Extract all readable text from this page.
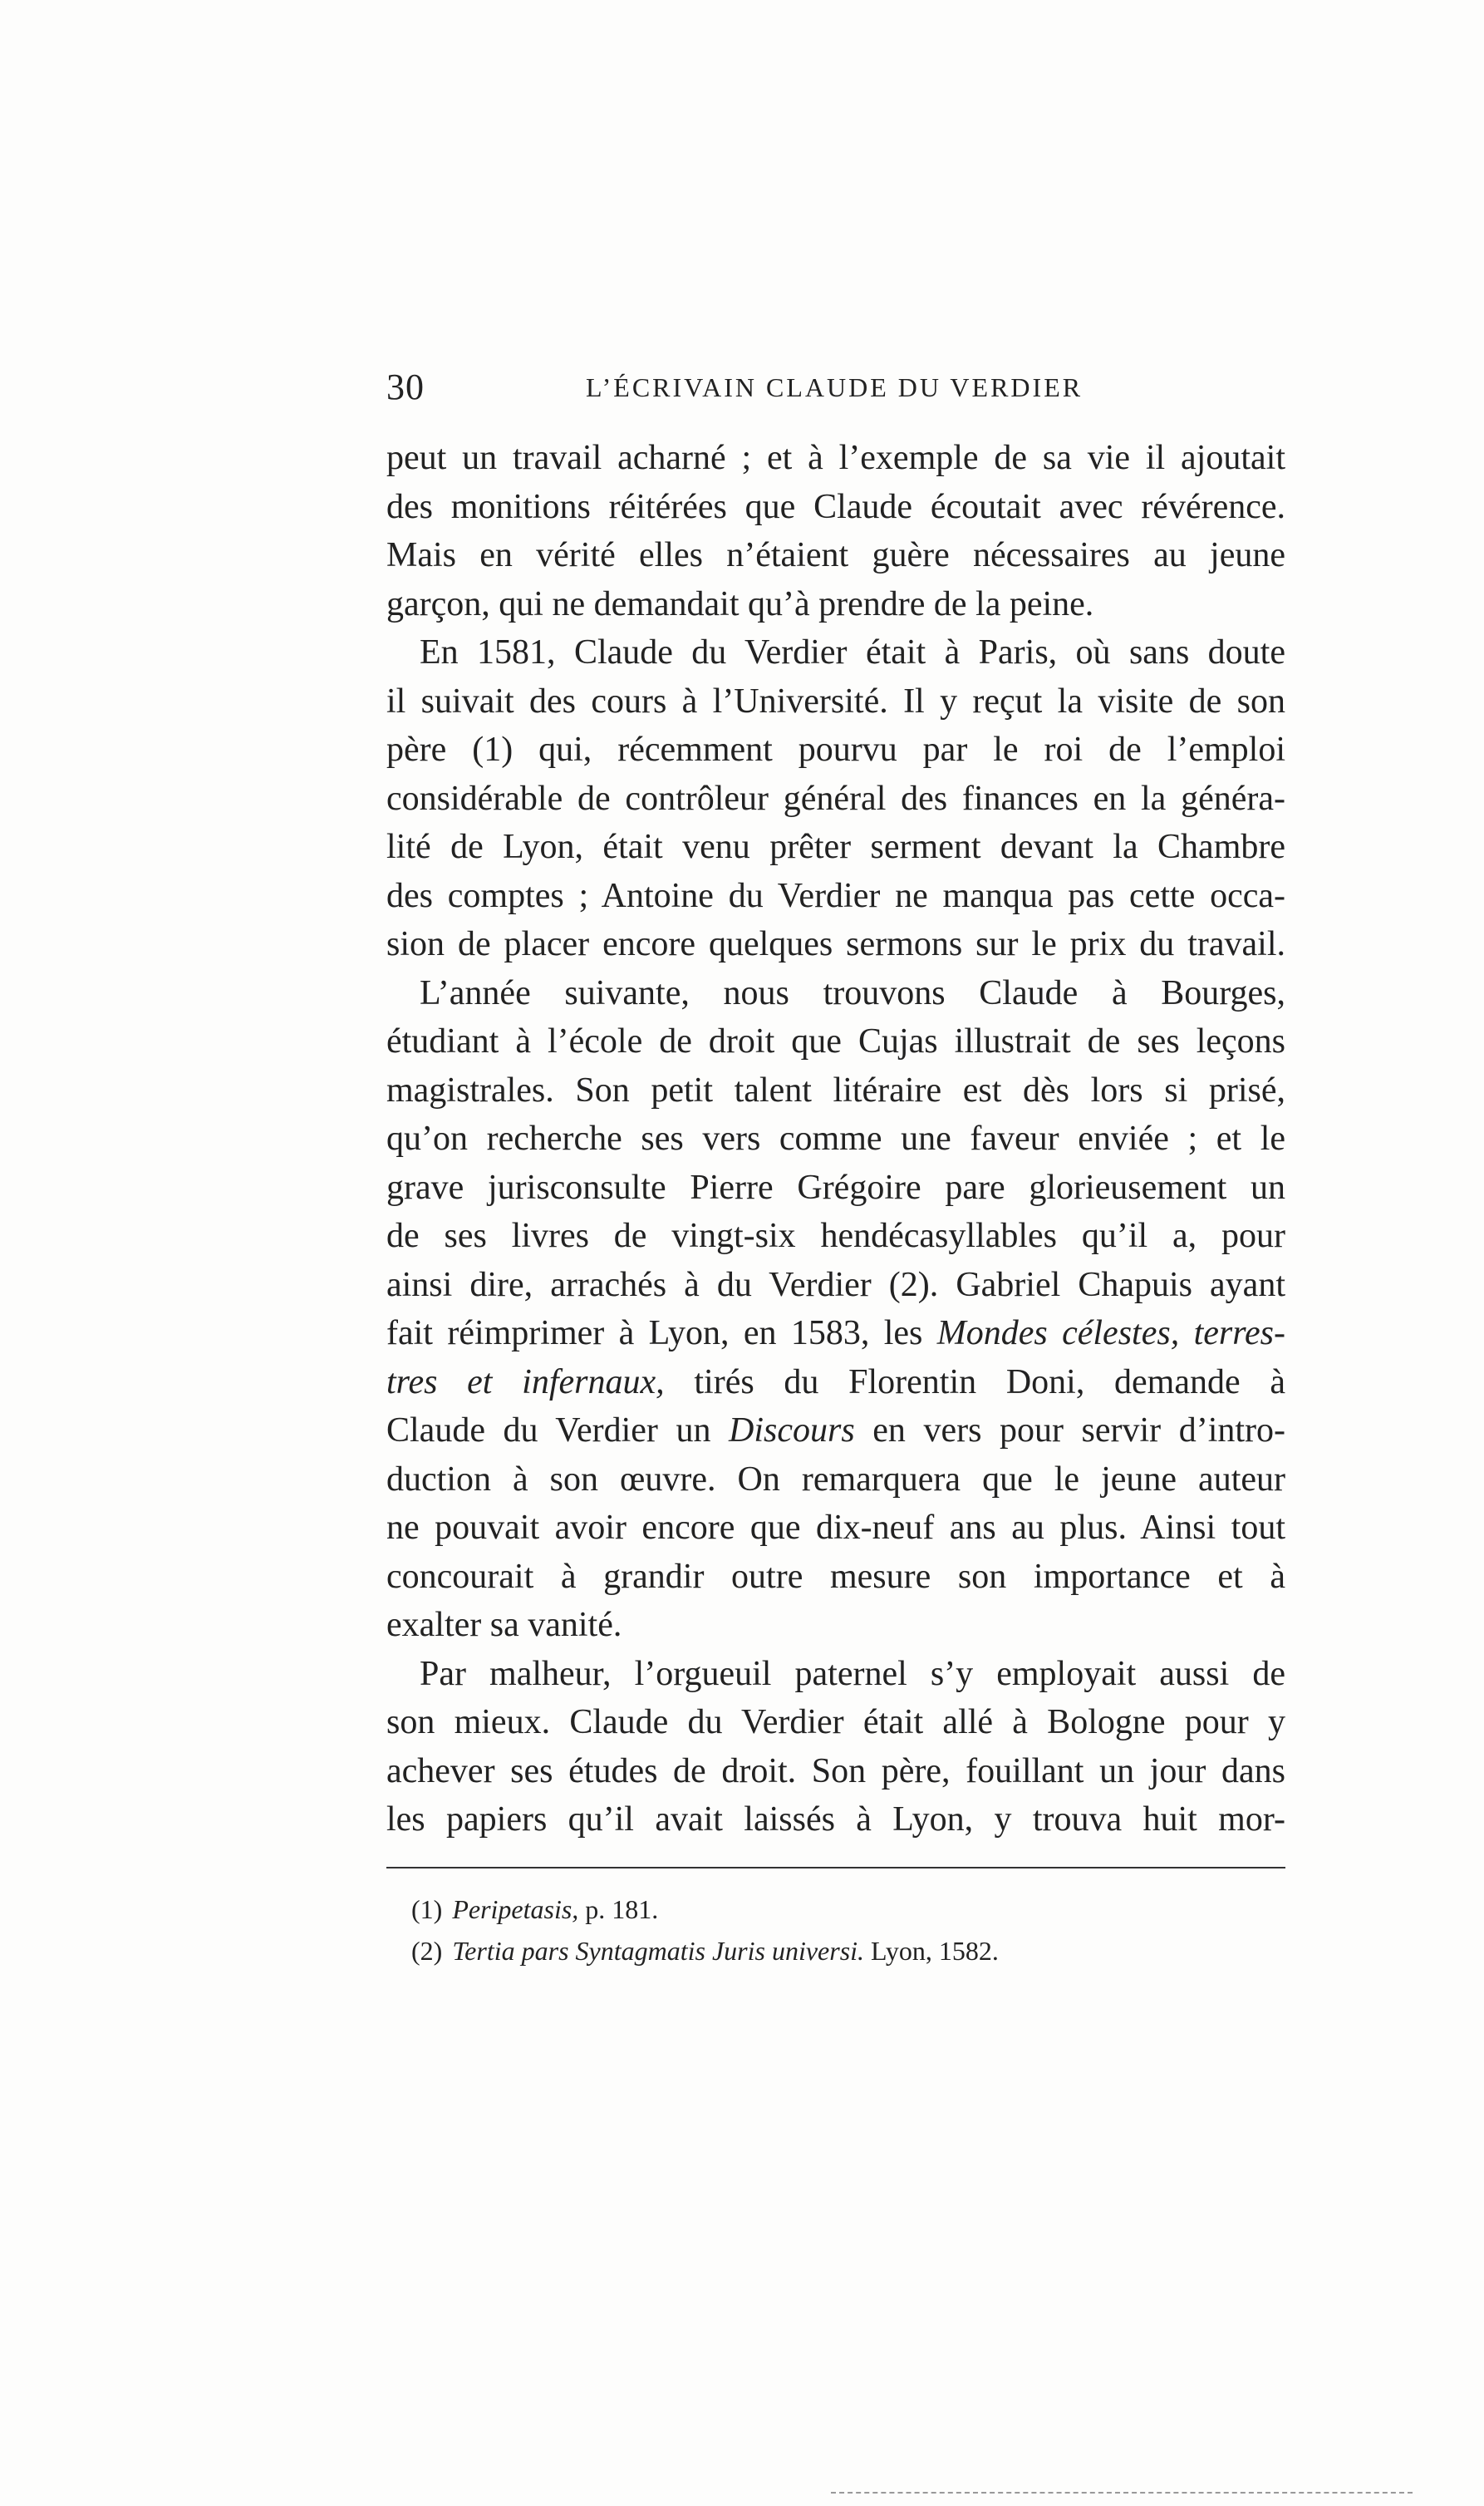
30	L’ÉCRIVAIN CLAUDE DU VERDIER
peut un travail acharné ; et à l’exemple de sa vie il ajoutait
des monitions réitérées que Claude écoutait avec révérence.
Mais en vérité elles n’étaient guère nécessaires au jeune
garçon, qui ne demandait qu’à prendre de la peine.
En 1581, Claude du Verdier était à Paris, où sans doute
il suivait des cours à l’Université. Il y reçut la visite de son
père (1) qui, récemment pourvu par le roi de l’emploi
considérable de contrôleur général des finances en la généra-
lité de Lyon, était venu prêter serment devant la Chambre
des comptes ; Antoine du Verdier ne manqua pas cette occa-
sion de placer encore quelques sermons sur le prix du travail.
L’année suivante, nous trouvons Claude à Bourges,
étudiant à l’école de droit que Cujas illustrait de ses leçons
magistrales. Son petit talent litéraire est dès lors si prisé,
qu’on recherche ses vers comme une faveur enviée ; et le
grave jurisconsulte Pierre Grégoire pare glorieusement un
de ses livres de vingt-six hendécasyllables qu’il a, pour
ainsi dire, arrachés à du Verdier (2). Gabriel Chapuis ayant
fait réimprimer à Lyon, en 1583, les Mondes célestes, terres-
tres et infernaux, tirés du Florentin Doni, demande à
Claude du Verdier un Discours en vers pour servir d’intro-
duction à son œuvre. On remarquera que le jeune auteur
ne pouvait avoir encore que dix-neuf ans au plus. Ainsi tout
concourait à grandir outre mesure son importance et à
exalter sa vanité.
Par malheur, l’orgueuil paternel s’y employait aussi de
son mieux. Claude du Verdier était allé à Bologne pour y
achever ses études de droit. Son père, fouillant un jour dans
les papiers qu’il avait laissés à Lyon, y trouva huit mor-
(1) Peripetasis, p. 181.
(2) Tertia pars Syntagmatis Juris universi. Lyon, 1582.
